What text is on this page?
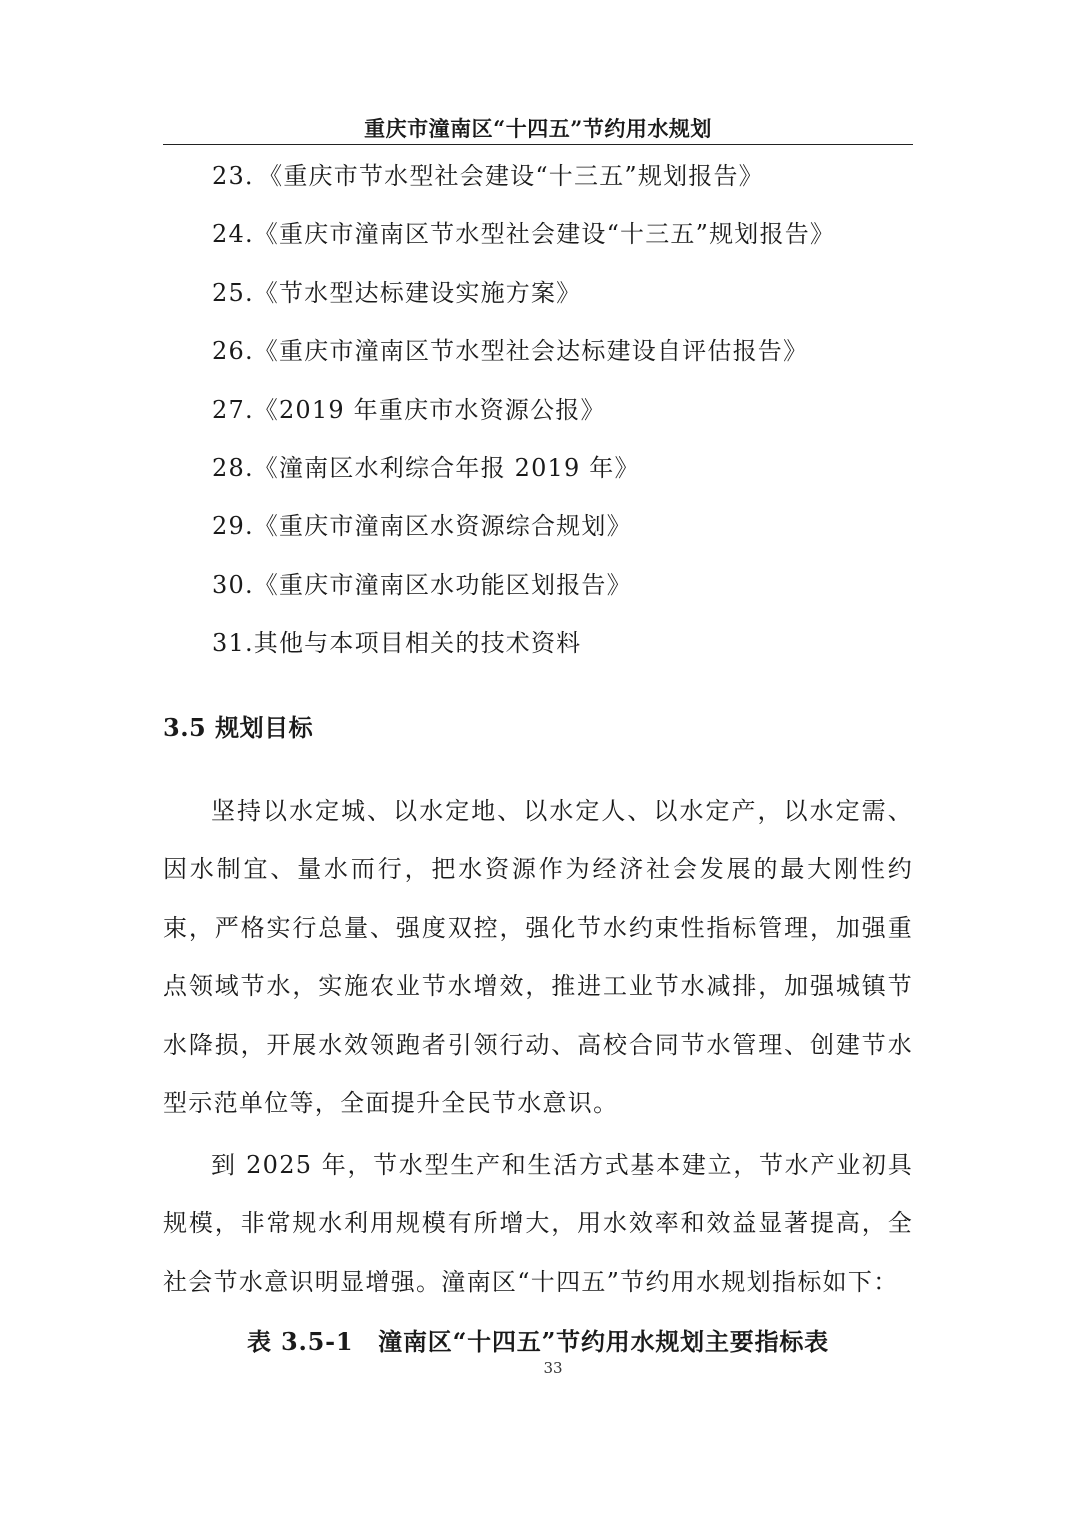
重庆市潼南区“十四五”节约用水规划
23．《重庆市节水型社会建设“十三五”规划报告》
24.《重庆市潼南区节水型社会建设“十三五”规划报告》
25.《节水型达标建设实施方案》
26.《重庆市潼南区节水型社会达标建设自评估报告》
27.《2019 年重庆市水资源公报》
28.《潼南区水利综合年报 2019 年》
29.《重庆市潼南区水资源综合规划》
30.《重庆市潼南区水功能区划报告》
31.其他与本项目相关的技术资料
3.5 规划目标

坚持以水定城、以水定地、以水定人、以水定产，以水定需、因水制宜、量水而行，把水资源作为经济社会发展的最大刚性约束，严格实行总量、强度双控，强化节水约束性指标管理，加强重点领域节水，实施农业节水增效，推进工业节水减排，加强城镇节水降损，开展水效领跑者引领行动、高校合同节水管理、创建节水型示范单位等，全面提升全民节水意识。

到 2025 年，节水型生产和生活方式基本建立，节水产业初具规模，非常规水利用规模有所增大，用水效率和效益显著提高，全社会节水意识明显增强。潼南区“十四五”节约用水规划指标如下：

表 3.5-1　潼南区“十四五”节约用水规划主要指标表
33
